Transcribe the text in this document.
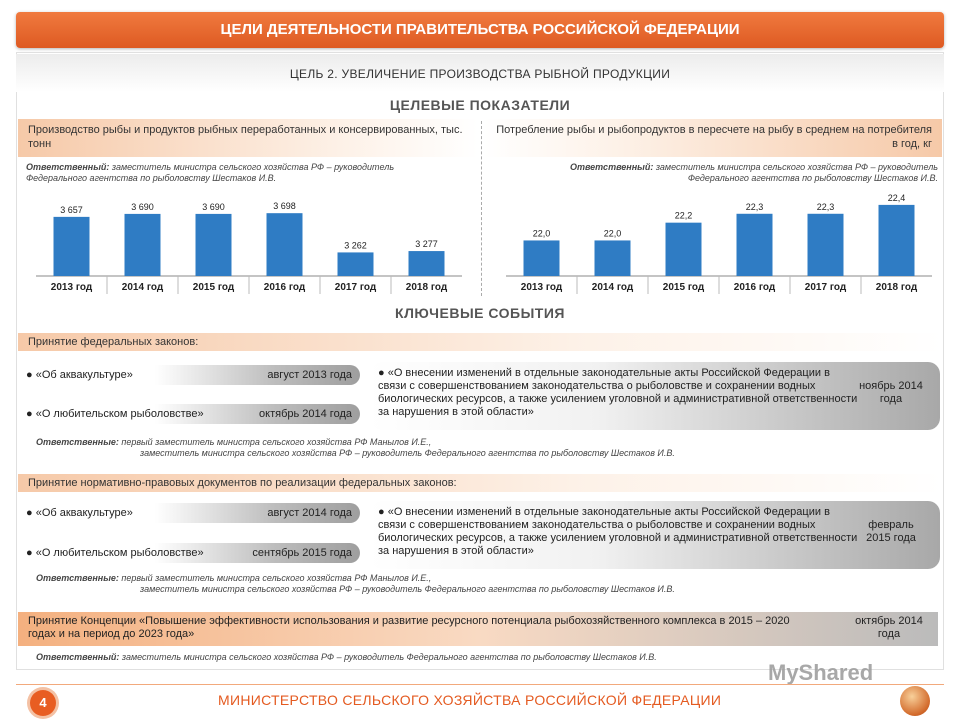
ЦЕЛИ ДЕЯТЕЛЬНОСТИ ПРАВИТЕЛЬСТВА РОССИЙСКОЙ ФЕДЕРАЦИИ
ЦЕЛЬ 2. УВЕЛИЧЕНИЕ ПРОИЗВОДСТВА РЫБНОЙ ПРОДУКЦИИ
ЦЕЛЕВЫЕ ПОКАЗАТЕЛИ
Производство рыбы и продуктов рыбных переработанных и консервированных, тыс. тонн
Потребление рыбы и рыбопродуктов в пересчете на рыбу в среднем на потребителя в год, кг
Ответственный: заместитель министра сельского хозяйства РФ – руководитель Федерального агентства по рыболовству Шестаков И.В.
Ответственный: заместитель министра сельского хозяйства РФ – руководитель Федерального агентства по рыболовству Шестаков И.В.
3 657
2013 год
3 690
2014 год
3 690
2015 год
3 698
2016 год
3 262
2017 год
3 277
2018 год
22,0
2013 год
22,0
2014 год
22,2
2015 год
22,3
2016 год
22,3
2017 год
22,4
2018 год
КЛЮЧЕВЫЕ СОБЫТИЯ
Принятие федеральных законов:
● «Об аквакультуре»	август 2013 года
● «О любительском рыболовстве»	октябрь 2014 года
● «О внесении изменений в отдельные законодательные акты Российской Федерации в связи с совершенствованием законодательства о рыболовстве и сохранении водных биологических ресурсов, а также усилением уголовной и административной ответственности за нарушения в этой области»
ноябрь 2014 года
Ответственные: первый заместитель министра сельского хозяйства РФ Манылов И.Е.,
заместитель министра сельского хозяйства РФ – руководитель Федерального агентства по рыболовству Шестаков И.В.
Принятие нормативно-правовых документов по реализации федеральных законов:
● «Об аквакультуре»	август 2014 года
● «О любительском рыболовстве»	сентябрь 2015 года
● «О внесении изменений в отдельные законодательные акты Российской Федерации в связи с совершенствованием законодательства о рыболовстве и сохранении водных биологических ресурсов, а также усилением уголовной и административной ответственности за нарушения в этой области»
февраль 2015 года
Ответственные: первый заместитель министра сельского хозяйства РФ Манылов И.Е.,
заместитель министра сельского хозяйства РФ – руководитель Федерального агентства по рыболовству Шестаков И.В.
Принятие Концепции «Повышение эффективности использования и развитие ресурсного потенциала рыбохозяйственного комплекса в 2015 – 2020 годах и на период до 2023 года»
октябрь 2014 года
Ответственный: заместитель министра сельского хозяйства РФ – руководитель Федерального агентства по рыболовству Шестаков И.В.
MyShared
4	МИНИСТЕРСТВО СЕЛЬСКОГО ХОЗЯЙСТВА РОССИЙСКОЙ ФЕДЕРАЦИИ
